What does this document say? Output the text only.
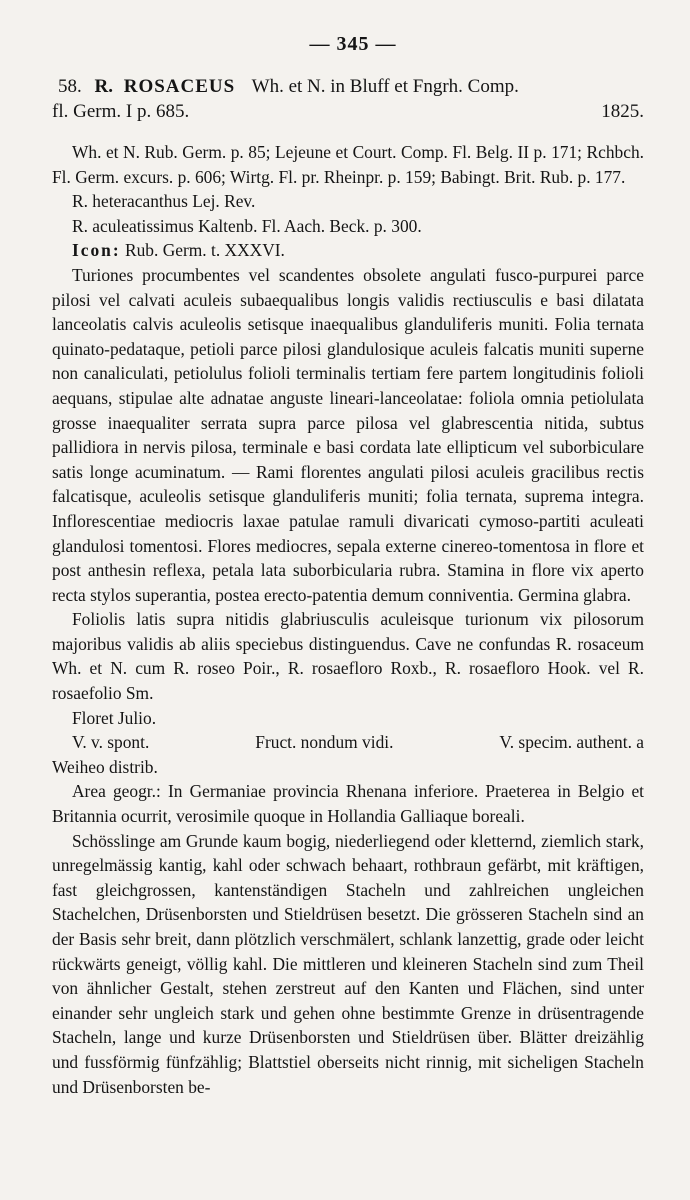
— 345 —
58. R. ROSACEUS Wh. et N. in Bluff et Fngrh. Comp.
fl. Germ. I p. 685.	1825.

Wh. et N. Rub. Germ. p. 85; Lejeune et Court. Comp. Fl. Belg. II p. 171; Rchbch. Fl. Germ. excurs. p. 606; Wirtg. Fl. pr. Rheinpr. p. 159; Babingt. Brit. Rub. p. 177.

R. heteracanthus Lej. Rev.

R. aculeatissimus Kaltenb. Fl. Aach. Beck. p. 300.

Icon: Rub. Germ. t. XXXVI.

Turiones procumbentes vel scandentes obsolete angulati fusco-purpurei parce pilosi vel calvati aculeis subaequalibus longis validis rectiusculis e basi dilatata lanceolatis calvis aculeolis setisque inaequalibus glanduliferis muniti. Folia ternata quinato-pedataque, petioli parce pilosi glandulosique aculeis falcatis muniti superne non canaliculati, petiolulus folioli terminalis tertiam fere partem longitudinis folioli aequans, stipulae alte adnatae anguste lineari-lanceolatae: foliola omnia petiolulata grosse inaequaliter serrata supra parce pilosa vel glabrescentia nitida, subtus pallidiora in nervis pilosa, terminale e basi cordata late ellipticum vel suborbiculare satis longe acuminatum. — Rami florentes angulati pilosi aculeis gracilibus rectis falcatisque, aculeolis setisque glanduliferis muniti; folia ternata, suprema integra. Inflorescentiae mediocris laxae patulae ramuli divaricati cymoso-partiti aculeati glandulosi tomentosi. Flores mediocres, sepala externe cinereo-tomentosa in flore et post anthesin reflexa, petala lata suborbicularia rubra. Stamina in flore vix aperto recta stylos superantia, postea erecto-patentia demum conniventia. Germina glabra.

Foliolis latis supra nitidis glabriusculis aculeisque turionum vix pilosorum majoribus validis ab aliis speciebus distinguendus. Cave ne confundas R. rosaceum Wh. et N. cum R. roseo Poir., R. rosaefloro Roxb., R. rosaefloro Hook. vel R. rosaefolio Sm.

Floret Julio.

V. v. spont.	Fruct. nondum vidi.	V. specim. authent. a

Weiheo distrib.

Area geogr.: In Germaniae provincia Rhenana inferiore. Praeterea in Belgio et Britannia ocurrit, verosimile quoque in Hollandia Galliaque boreali.

Schösslinge am Grunde kaum bogig, niederliegend oder kletternd, ziemlich stark, unregelmässig kantig, kahl oder schwach behaart, rothbraun gefärbt, mit kräftigen, fast gleichgrossen, kantenständigen Stacheln und zahlreichen ungleichen Stachelchen, Drüsenborsten und Stieldrüsen besetzt. Die grösseren Stacheln sind an der Basis sehr breit, dann plötzlich verschmälert, schlank lanzettig, grade oder leicht rückwärts geneigt, völlig kahl. Die mittleren und kleineren Stacheln sind zum Theil von ähnlicher Gestalt, stehen zerstreut auf den Kanten und Flächen, sind unter einander sehr ungleich stark und gehen ohne bestimmte Grenze in drüsentragende Stacheln, lange und kurze Drüsenborsten und Stieldrüsen über. Blätter dreizählig und fussförmig fünfzählig; Blattstiel oberseits nicht rinnig, mit sicheligen Stacheln und Drüsenborsten be-
